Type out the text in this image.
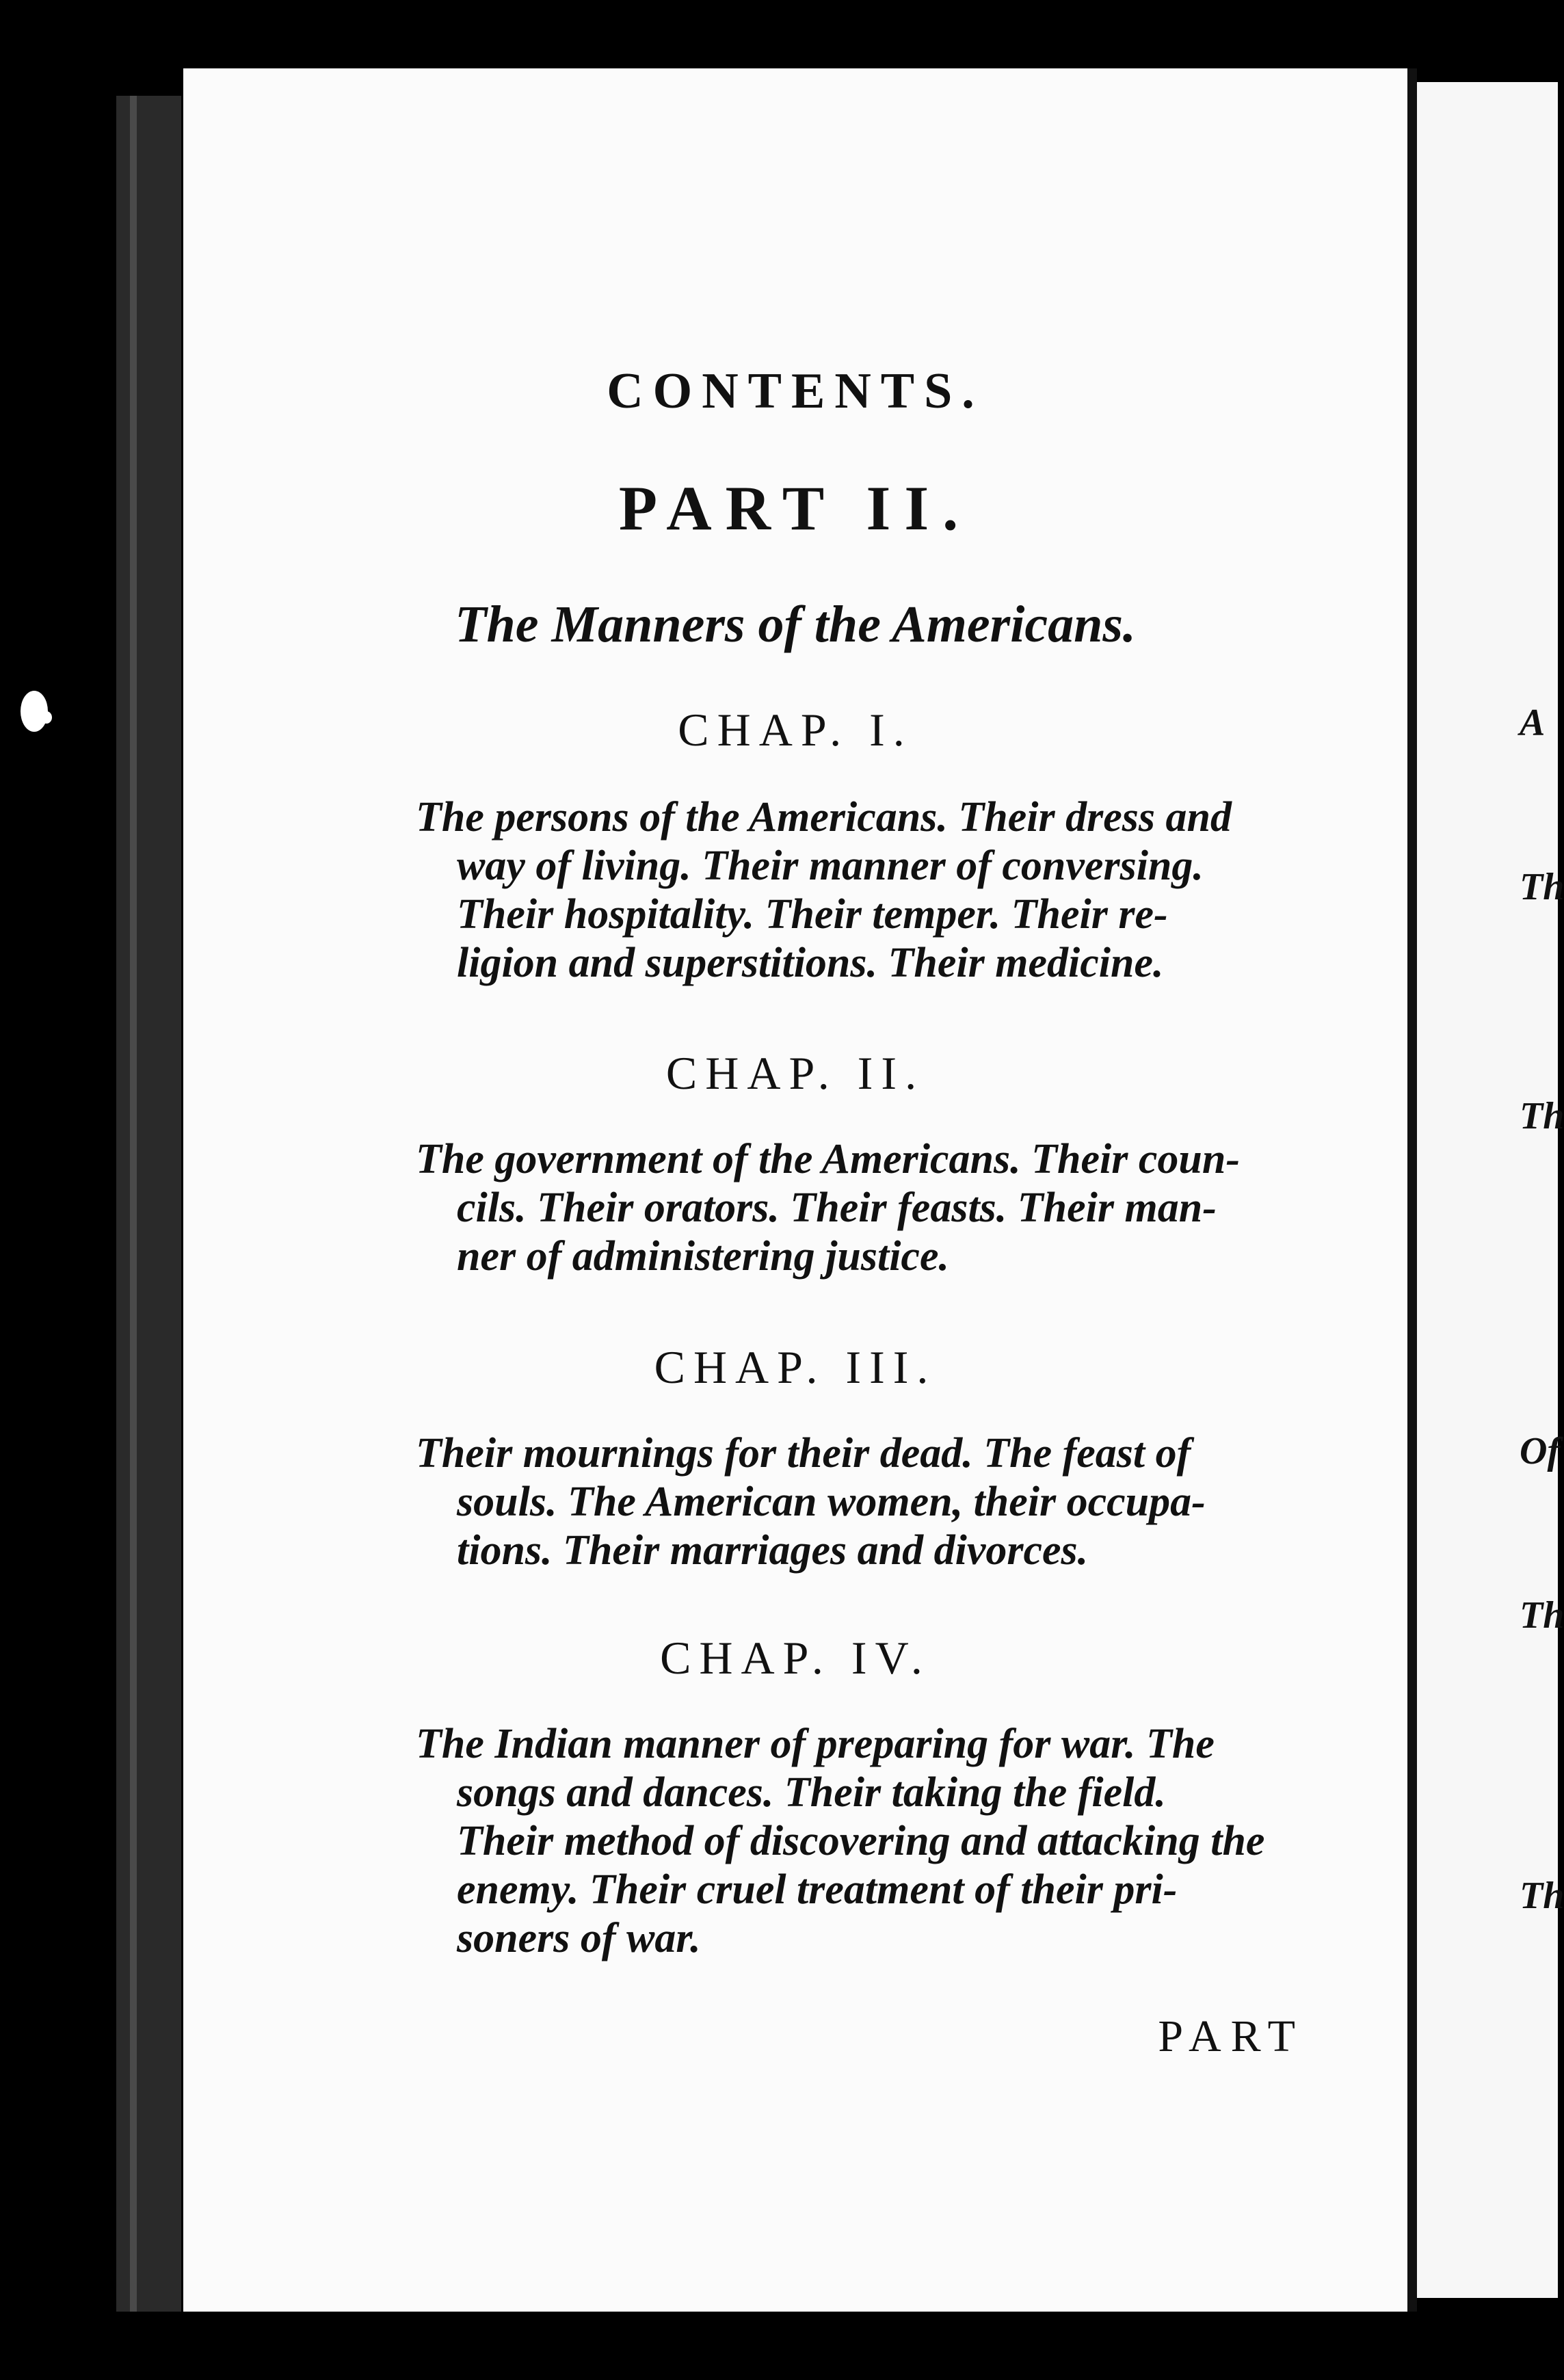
CONTENTS.
PART II.
The Manners of the Americans.
CHAP. I.
The persons of the Americans. Their dress and
way of living. Their manner of conversing.
Their hospitality. Their temper. Their re-
ligion and superstitions. Their medicine.
CHAP. II.
The government of the Americans. Their coun-
cils. Their orators. Their feasts. Their man-
ner of administering justice.
CHAP. III.
Their mournings for their dead. The feast of
souls. The American women, their occupa-
tions. Their marriages and divorces.
CHAP. IV.
The Indian manner of preparing for war. The
songs and dances. Their taking the field.
Their method of discovering and attacking the
enemy. Their cruel treatment of their pri-
soners of war.
PART
A
Th
Th
Of
Th
Th
